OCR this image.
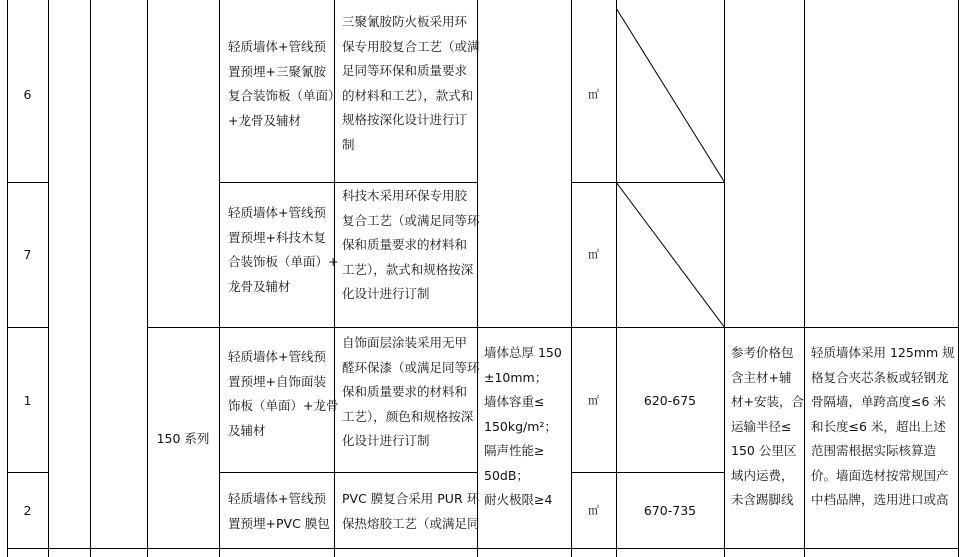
6
轻质墙体+管线预
置预埋+三聚氰胺
复合装饰板（单面）
+龙骨及辅材
三聚氰胺防火板采用环
保专用胶复合工艺（或满
足同等环保和质量要求
的材料和工艺），款式和
规格按深化设计进行订
制
㎡
7
轻质墙体+管线预
置预埋+科技木复
合装饰板（单面）+
龙骨及辅材
科技木采用环保专用胶
复合工艺（或满足同等环
保和质量要求的材料和
工艺），款式和规格按深
化设计进行订制
㎡
1
150 系列
轻质墙体+管线预
置预埋+自饰面装
饰板（单面）+龙骨
及辅材
自饰面层涂装采用无甲
醛环保漆（或满足同等环
保和质量要求的材料和
工艺），颜色和规格按深
化设计进行订制
墙体总厚 150
±10mm；
墙体容重≤
150kg/m²；
隔声性能≥
50dB；
耐火极限≥4
㎡	620-675
参考价格包
含主材+辅
材+安装，合
运输半径≤
150 公里区
域内运费，
未含踢脚线
轻质墙体采用 125mm 规
格复合夹芯条板或轻钢龙
骨隔墙，单跨高度≤6 米
和长度≤6 米，超出上述
范围需根据实际核算造
价。墙面选材按常规国产
中档品牌，选用进口或高
2
轻质墙体+管线预
置预埋+PVC 膜包
PVC 膜复合采用 PUR 环
保热熔胶工艺（或满足同
㎡	670-735
